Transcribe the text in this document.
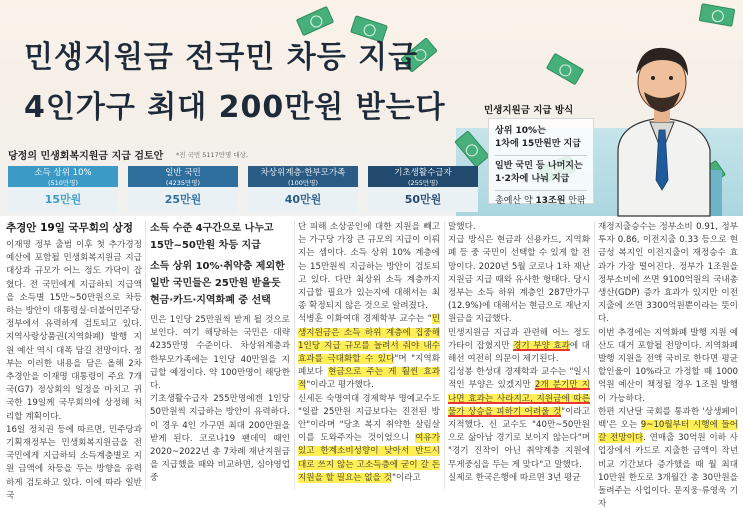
민생지원금 전국민 차등 지급
4인가구 최대 200만원 받는다	민생지원금 지급 방식
상위 10%는
1차에 15만원만 지급
일반 국민 등 나머지는
1·2차에 나눠 지급
총예산 약 13조원 안팎
당정의 민생회복지원금 지급 검토안 *전 국민 5117만명 대상,
소득 상위 10%
(510만명)
15만원
일반 국민
(4235만명)
25만원
차상위계층·한부모가족
(100만명)
40만원
기초생활수급자
(255만명)
50만원
추경안 19일 국무회의 상정

이재명 정부 출범 이후 첫 추가경정예산에 포함될 민생회복지원금 지급 대상과 규모가 어느 정도 가닥이 잡혔다. 전 국민에게 지급하되 지급액을 소득별 15만~50만원으로 차등하는 방안이 대통령실·더불어민주당·정부에서 유력하게 검토되고 있다. 지역사랑상품권(지역화폐) 발행 지원 예산 역시 대폭 담길 전망이다. 정부는 이러한 내용을 담은 올해 2차 추경안을 이재명 대통령이 주요 7개국(G7) 정상회의 일정을 마치고 귀국한 19일께 국무회의에 상정해 처리할 계획이다.

16일 정치권 등에 따르면, 민주당과 기획재정부는 민생회복지원금을 전 국민에게 지급하되 소득계층별로 지원 금액에 차등을 두는 방향을 유력하게 검토하고 있다. 이에 따라 일반 국

소득 수준 4구간으로 나누고
15만~50만원 차등 지급
소득 상위 10%·취약층 제외한
일반 국민들은 25만원 받을듯
현금·카드·지역화폐 중 선택

민은 1인당 25만원씩 받게 될 것으로 보인다. 여기 해당하는 국민은 대략 4235만명 수준이다. 차상위계층과 한부모가족에는 1인당 40만원을 지급할 예정이다. 약 100만명이 해당한다.

기초생활수급자 255만명에겐 1인당 50만원씩 지급하는 방안이 유력하다. 이 경우 4인 가구면 최대 200만원을 받게 된다. 코로나19 팬데믹 때인 2020~2022년 총 7차례 재난지원금을 지급했을 때와 비교하면, 심야영업 중

단 피해 소상공인에 대한 지원을 빼고는 가구당 가장 큰 규모의 지급이 이뤄지는 셈이다. 소득 상위 10% 계층에는 15만원씩 지급하는 방안이 검토되고 있다. 다만 최상위 소득 계층까지 지급할 필요가 있는지에 대해서는 최종 확정되지 않은 것으로 알려졌다.

석병훈 이화여대 경제학부 교수는 "민생지원금은 소득 하위 계층에 집중해 1인당 지급 규모를 늘려서 줘야 내수 효과를 극대화할 수 있다"며 "지역화폐보다 현금으로 주는 게 훨씬 효과적"이라고 평가했다.

신세돈 숙명여대 경제학부 명예교수도 "일괄 25만원 지급보다는 진전된 방안"이라며 "당초 복지 취약한 살림살이를 도와주자는 것이었으니 여유가 있고 한계소비성향이 낮아서 반드시 대로 쓰지 않는 고소득층에 굳이 갈 돈 지원을 할 필요는 없을 것"이라고

말했다.

지급 방식은 현금과 신용카드, 지역화폐 등 중 국민이 선택할 수 있게 할 전망이다. 2020년 5월 코로나 1차 재난지원금 지급 때와 유사한 형태다. 당시 정부는 소득 하위 계층인 287만가구(12.9%)에 대해서는 현금으로 재난지원금을 지급했다.

민생지원금 지급과 관련해 어느 정도 가타이 잡혔지만 경기 부양 효과에 대해선 여전히 의문이 제기된다.

김성봉 한성대 경제학과 교수는 "일시적인 부양은 있겠지만 2개 분기만 지나면 효과는 사라지고, 지원금에 따른 물가 상승을 피하기 어려울 것"이라고 지적했다. 신 교수도 "40만~50만원으로 삶아남 경기로 보이지 않는다"며 "경기 진작이 아닌 취약계층 지원에 무게중심을 두는 게 맞다"고 말했다.

실제로 한국은행에 따르면 3년 평균

재정지출승수는 정부소비 0.91, 정부투자 0.86, 이전지출 0.33 등으로 현금성 복지인 이전지출이 재정승수 효과가 가장 떨어진다. 정부가 1조원을 정부소비에 쓰면 9100억원의 국내총생산(GDP) 증가 효과가 있지만 이전지출에 쓰면 3300억원뿐이라는 뜻이다.

이번 추경에는 지역화폐 발행 지원 예산도 대거 포함될 전망이다. 지역화폐 발행 지원을 전액 국비로 한다면 평균 할인율이 10%라고 가정할 때 1000억원 예산이 책정될 경우 1조원 발행이 가능하다.

한편 지난달 국회를 통과한 '상생페이백'은 오는 9~10월부터 시행에 들어갈 전망이다. 연매출 30억원 이하 사업장에서 카드로 지출한 금액이 작년 비교 기간보다 증가했을 때 월 최대 10만원 한도로 3개월간 총 30만원을 돌려주는 사업이다. 문지웅·류영욱 기자
